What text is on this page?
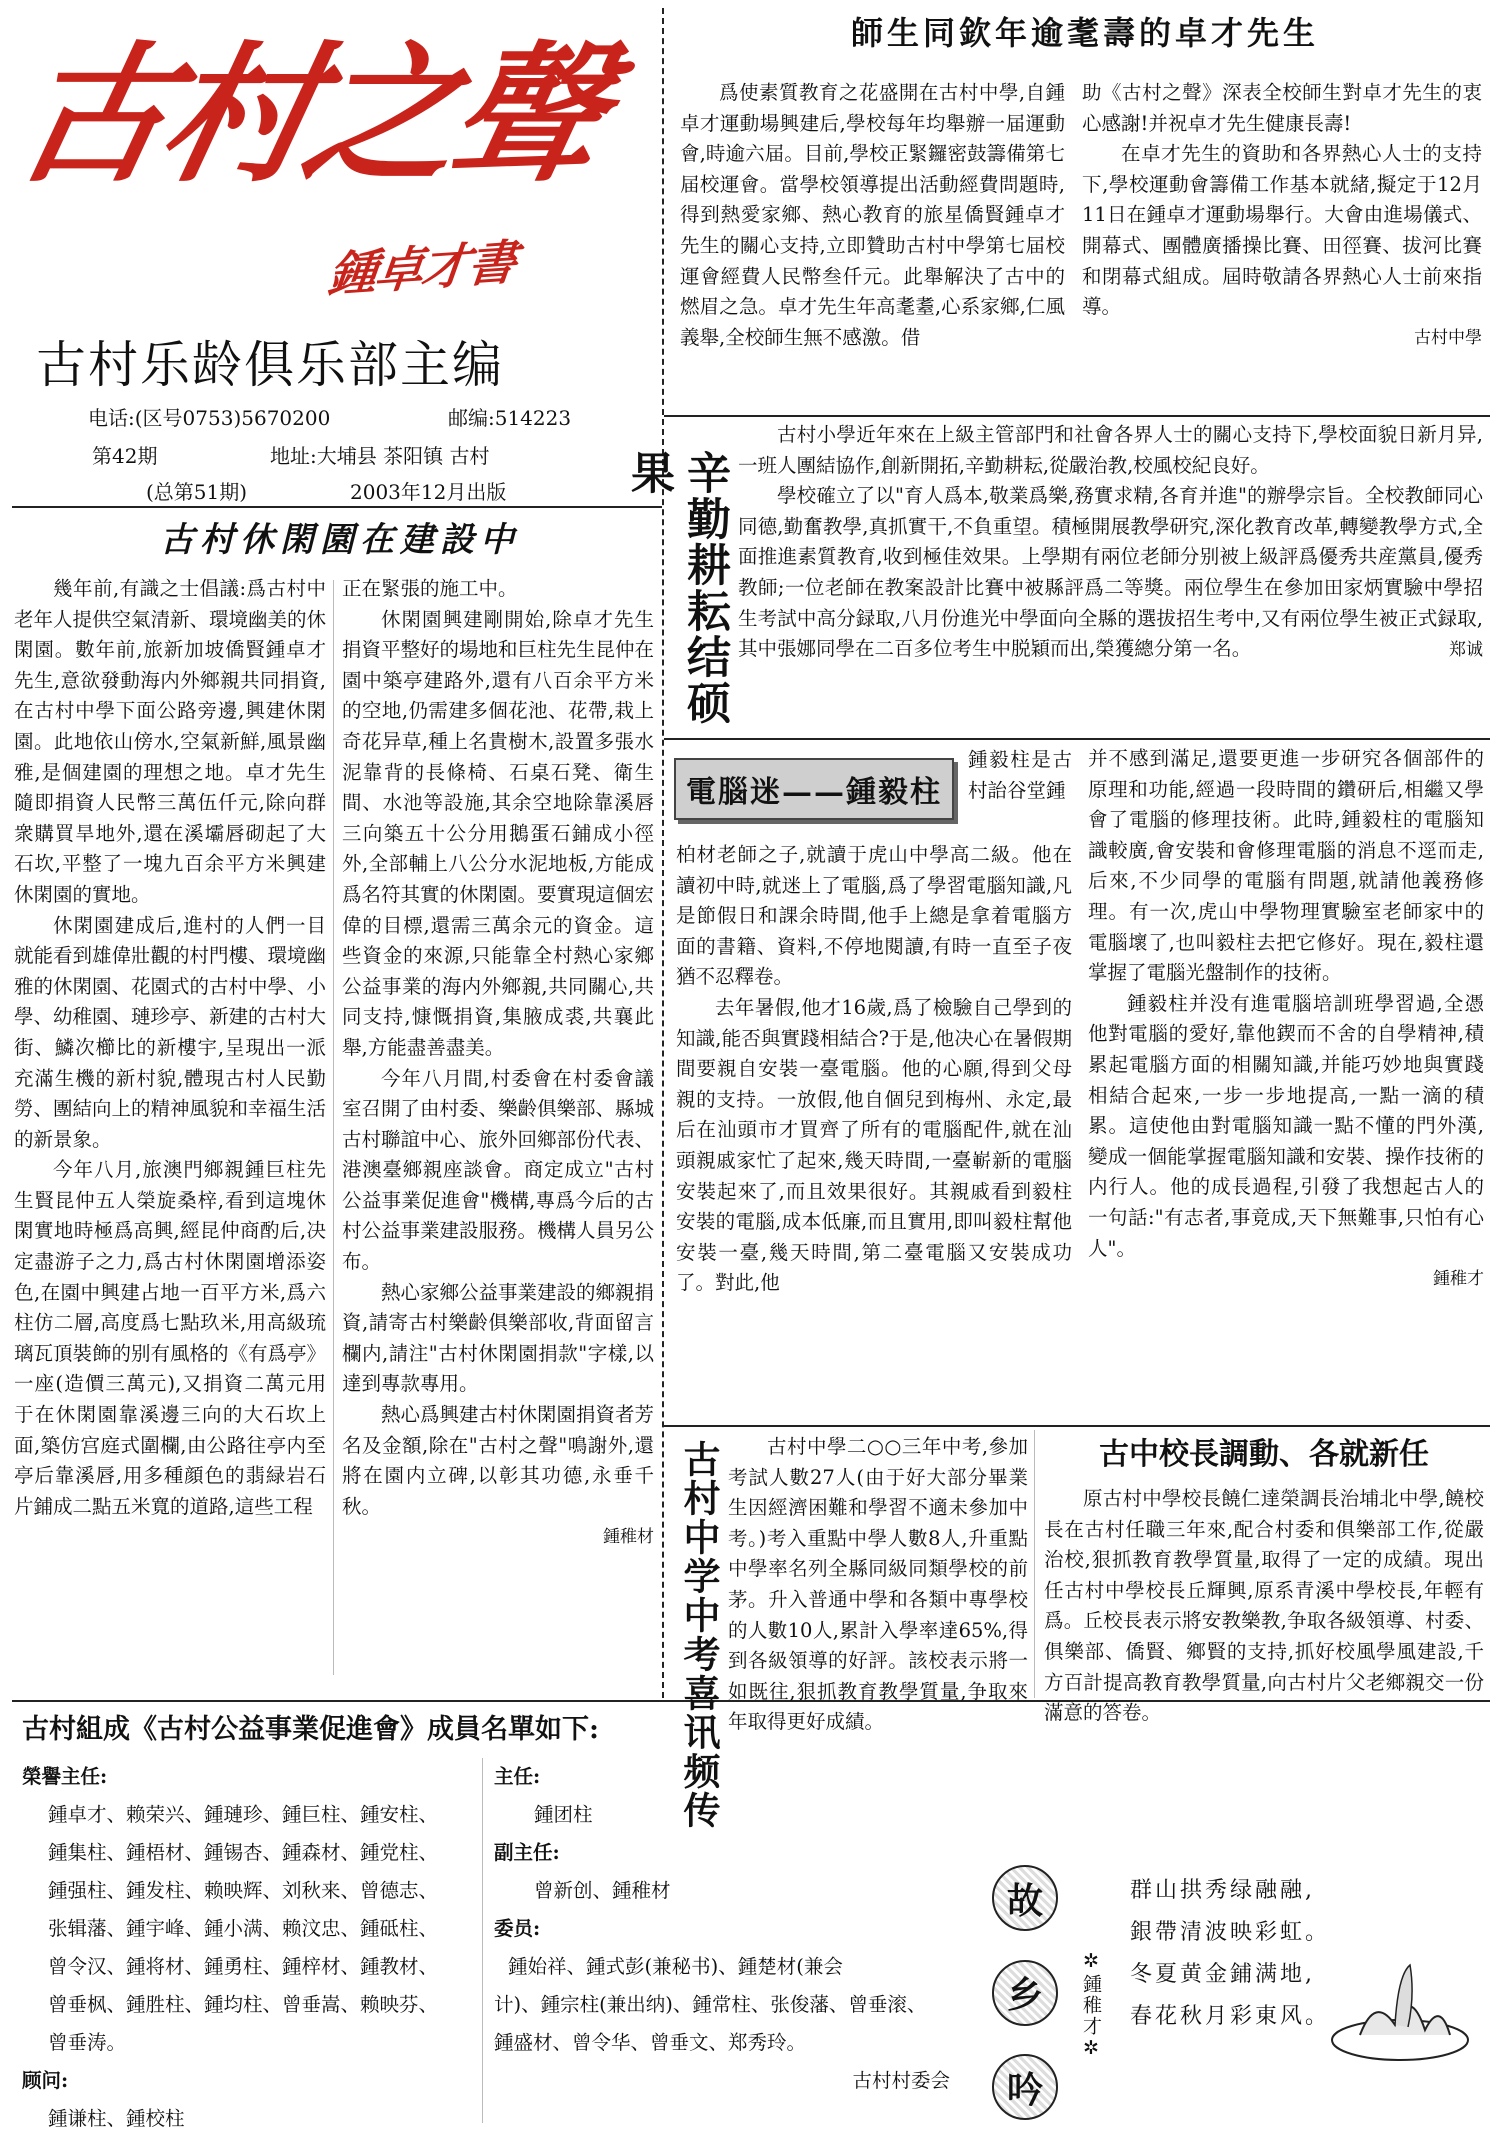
古村之聲
鍾卓才書
古村乐龄俱乐部主编
电话:(区号0753)5670200	邮编:514223
第42期	地址:大埔县 茶阳镇 古村
(总第51期)	2003年12月出版
師生同欽年逾耄壽的卓才先生

爲使素質教育之花盛開在古村中學,自鍾卓才運動場興建后,學校每年均舉辦一届運動會,時逾六届。目前,學校正緊鑼密鼓籌備第七届校運會。當學校領導提出活動經費問題時,得到熱愛家鄉、熱心教育的旅星僑賢鍾卓才先生的關心支持,立即贊助古村中學第七届校運會經費人民幣叁仟元。此舉解決了古中的燃眉之急。卓才先生年高耄耋,心系家鄉,仁風義舉,全校師生無不感激。借

助《古村之聲》深表全校師生對卓才先生的衷心感謝!并祝卓才先生健康長壽!

在卓才先生的資助和各界熱心人士的支持下,學校運動會籌備工作基本就緒,擬定于12月11日在鍾卓才運動場舉行。大會由進場儀式、開幕式、團體廣播操比賽、田徑賽、拔河比賽和閉幕式組成。屆時敬請各界熱心人士前來指導。

古村中學

辛勤耕耘结硕果

古村小學近年來在上級主管部門和社會各界人士的關心支持下,學校面貌日新月异,一班人團結協作,創新開拓,辛勤耕耘,從嚴治教,校風校紀良好。

學校確立了以"育人爲本,敬業爲樂,務實求精,各育并進"的辦學宗旨。全校教師同心同德,勤奮教學,真抓實干,不負重望。積極開展教學研究,深化教育改革,轉變教學方式,全面推進素質教育,收到極佳效果。上學期有兩位老師分别被上級評爲優秀共産黨員,優秀教師;一位老師在教案設計比賽中被縣評爲二等獎。兩位學生在參加田家炳實驗中學招生考試中高分録取,八月份進光中學面向全縣的選拔招生考中,又有兩位學生被正式録取,其中張娜同學在二百多位考生中脱穎而出,榮獲總分第一名。	郑诚

古村休閑園在建設中

幾年前,有識之士倡議:爲古村中老年人提供空氣清新、環境幽美的休閑園。數年前,旅新加坡僑賢鍾卓才先生,意欲發動海内外鄉親共同捐資,在古村中學下面公路旁邊,興建休閑園。此地依山傍水,空氣新鮮,風景幽雅,是個建園的理想之地。卓才先生隨即捐資人民幣三萬伍仟元,除向群衆購買旱地外,還在溪壩唇砌起了大石坎,平整了一塊九百余平方米興建休閑園的實地。

休閑園建成后,進村的人們一目就能看到雄偉壯觀的村門樓、環境幽雅的休閑園、花園式的古村中學、小學、幼稚園、璉珍亭、新建的古村大街、鱗次櫛比的新樓宇,呈現出一派充滿生機的新村貌,體現古村人民勤勞、團結向上的精神風貌和幸福生活的新景象。

今年八月,旅澳門鄉親鍾巨柱先生賢昆仲五人榮旋桑梓,看到這塊休閑實地時極爲高興,經昆仲商酌后,决定盡游子之力,爲古村休閑園增添姿色,在園中興建占地一百平方米,爲六柱仿二層,高度爲七點玖米,用高級琉璃瓦頂裝飾的别有風格的《有爲亭》一座(造價三萬元),又捐資二萬元用于在休閑園靠溪邊三向的大石坎上面,築仿宫庭式圍欄,由公路往亭内至亭后靠溪唇,用多種顔色的翡緑岩石片鋪成二點五米寬的道路,這些工程

正在緊張的施工中。

休閑園興建剛開始,除卓才先生捐資平整好的場地和巨柱先生昆仲在園中築亭建路外,還有八百余平方米的空地,仍需建多個花池、花帶,栽上奇花异草,種上名貴樹木,設置多張水泥靠背的長條椅、石桌石凳、衛生間、水池等設施,其余空地除靠溪唇三向築五十公分用鵝蛋石鋪成小徑外,全部輔上八公分水泥地板,方能成爲名符其實的休閑園。要實現這個宏偉的目標,還需三萬余元的資金。這些資金的來源,只能靠全村熱心家鄉公益事業的海内外鄉親,共同關心,共同支持,慷慨捐資,集腋成裘,共襄此舉,方能盡善盡美。

今年八月間,村委會在村委會議室召開了由村委、樂齡俱樂部、縣城古村聯誼中心、旅外回鄉部份代表、港澳臺鄉親座談會。商定成立"古村公益事業促進會"機構,專爲今后的古村公益事業建設服務。機構人員另公布。

熱心家鄉公益事業建設的鄉親捐資,請寄古村樂齡俱樂部收,背面留言欄内,請注"古村休閑園捐款"字樣,以達到專款專用。

熱心爲興建古村休閑園捐資者芳名及金額,除在"古村之聲"鳴謝外,還將在園内立碑,以彰其功德,永垂千秋。

鍾稚材

電腦迷——鍾毅柱
鍾毅柱是古村詒谷堂鍾

柏材老師之子,就讀于虎山中學高二級。他在讀初中時,就迷上了電腦,爲了學習電腦知識,凡是節假日和課余時間,他手上總是拿着電腦方面的書籍、資料,不停地閱讀,有時一直至子夜猶不忍釋卷。

去年暑假,他才16歲,爲了檢驗自己學到的知識,能否與實踐相結合?于是,他决心在暑假期間要親自安裝一臺電腦。他的心願,得到父母親的支持。一放假,他自個兒到梅州、永定,最后在汕頭市才買齊了所有的電腦配件,就在汕頭親戚家忙了起來,幾天時間,一臺嶄新的電腦安裝起來了,而且效果很好。其親戚看到毅柱安裝的電腦,成本低廉,而且實用,即叫毅柱幫他安裝一臺,幾天時間,第二臺電腦又安裝成功了。對此,他

并不感到滿足,還要更進一步研究各個部件的原理和功能,經過一段時間的鑽研后,相繼又學會了電腦的修理技術。此時,鍾毅柱的電腦知識較廣,會安裝和會修理電腦的消息不逕而走,后來,不少同學的電腦有問題,就請他義務修理。有一次,虎山中學物理實驗室老師家中的電腦壞了,也叫毅柱去把它修好。現在,毅柱還掌握了電腦光盤制作的技術。

鍾毅柱并没有進電腦培訓班學習過,全憑他對電腦的愛好,靠他鍥而不舍的自學精神,積累起電腦方面的相關知識,并能巧妙地與實踐相結合起來,一步一步地提高,一點一滴的積累。這使他由對電腦知識一點不懂的門外漢,變成一個能掌握電腦知識和安裝、操作技術的内行人。他的成長過程,引發了我想起古人的一句話:"有志者,事竟成,天下無難事,只怕有心人"。

鍾稚才

古村中学中考喜讯频传	古村中學二○○三年中考,參加考試人數27人(由于好大部分畢業生因經濟困難和學習不適未參加中考。)考入重點中學人數8人,升重點中學率名列全縣同級同類學校的前茅。升入普通中學和各類中專學校的人數10人,累計入學率達65%,得到各級領導的好評。該校表示將一如既往,狠抓教育教學質量,争取來年取得更好成績。

古中校長調動、各就新任

原古村中學校長饒仁達榮調長治埔北中學,饒校長在古村任職三年來,配合村委和俱樂部工作,從嚴治校,狠抓教育教學質量,取得了一定的成績。現出任古村中學校長丘輝興,原系青溪中學校長,年輕有爲。丘校長表示將安教樂教,争取各級領導、村委、俱樂部、僑賢、鄉賢的支持,抓好校風學風建設,千方百計提高教育教學質量,向古村片父老鄉親交一份滿意的答卷。

古村組成《古村公益事業促進會》成員名單如下:
榮譽主任:
鍾卓才、赖荣兴、鍾璉珍、鍾巨柱、鍾安柱、
鍾集柱、鍾梧材、鍾锡杏、鍾森材、鍾党柱、
鍾强柱、鍾发柱、赖映辉、刘秋来、曾德志、
张辑藩、鍾宇峰、鍾小满、赖汶忠、鍾砥柱、
曾令汉、鍾将材、鍾勇柱、鍾梓材、鍾教材、
曾垂枫、鍾胜柱、鍾均柱、曾垂嵩、赖映芬、
曾垂涛。
顾问:
鍾谦柱、鍾校柱
主任:
鍾团柱
副主任:
曾新创、鍾稚材
委员:
鍾始祥、鍾式彭(兼秘书)、鍾楚材(兼会
计)、鍾宗柱(兼出纳)、鍾常柱、张俊藩、曾垂滚、
鍾盛材、曾令华、曾垂文、郑秀玲。
古村村委会
故
乡
吟
✲鍾稚才✲
群山拱秀绿融融,
銀帶清波映彩虹。
冬夏黄金鋪满地,
春花秋月彩東风。
